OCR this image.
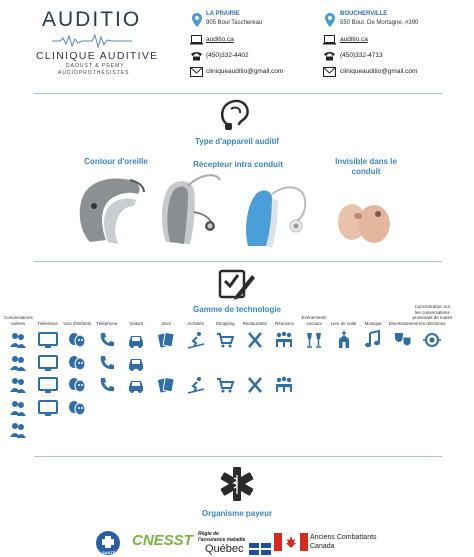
AUDITIO
CLINIQUE AUDITIVE
DAOUST & PREMY
AUDIOPROTHÉSISTES
LA PRAIRIE
905 Boul Taschereau
auditio.ca
(450)332-4402
cliniqueauditio@gmail.com
BOUCHERVILLE
550 Boul. De Mortagne, #390
auditio.ca
(450)332-4713
cliniqueauditio@gmail.com
Type d'appareil auditif
Contour d'oreille	Récepteur intra conduit	Invisible dans le conduit
Gamme de technologie
Conversations calmes	Téléviseur	Voix d'enfants	Téléphone	Voiture	Jeux	Activités	Shopping	Restaurants	Réunions
Événements sociaux	Lieu de culte	Musique	Divertissement
Concentration sur les conversations provenant de toutes les directions
Organisme payeur
SANTÉ
CNESST Régie de
l'assurance maladie
Québec
Anciens Combattants
Canada
